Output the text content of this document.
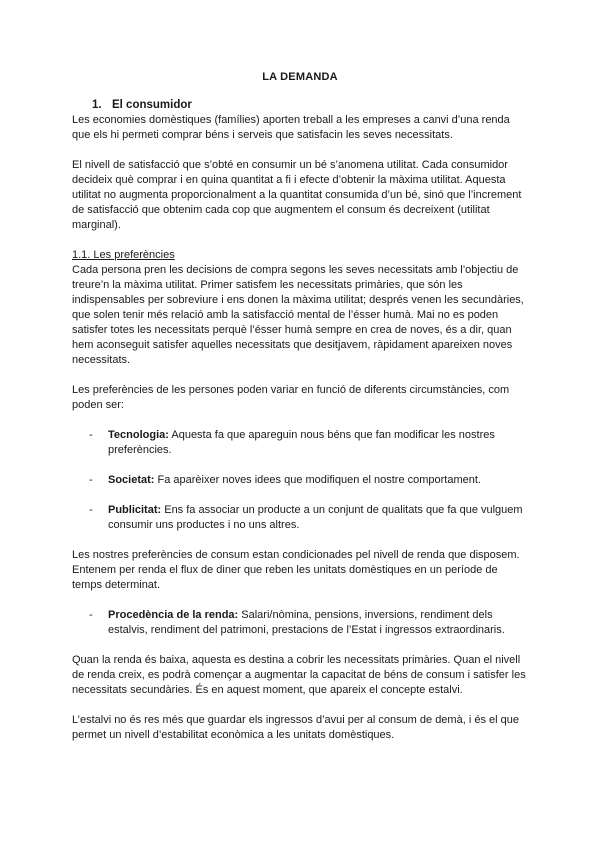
LA DEMANDA
1. El consumidor

Les economies domèstiques (famílies) aporten treball a les empreses a canvi d’una renda que els hi permeti comprar béns i serveis que satisfacin les seves necessitats.

El nivell de satisfacció que s’obté en consumir un bé s’anomena utilitat. Cada consumidor decideix què comprar i en quina quantitat a fi i efecte d’obtenir la màxima utilitat. Aquesta utilitat no augmenta proporcionalment a la quantitat consumida d’un bé, sinó que l’increment de satisfacció que obtenim cada cop que augmentem el consum és decreixent (utilitat marginal).

1.1. Les preferències

Cada persona pren les decisions de compra segons les seves necessitats amb l’objectiu de treure’n la màxima utilitat. Primer satisfem les necessitats primàries, que són les indispensables per sobreviure i ens donen la màxima utilitat; després venen les secundàries, que solen tenir més relació amb la satisfacció mental de l’ésser humà. Mai no es poden satisfer totes les necessitats perquè l’ésser humà sempre en crea de noves, és a dir, quan hem aconseguit satisfer aquelles necessitats que desitjavem, ràpidament apareixen noves necessitats.

Les preferències de les persones poden variar en funció de diferents circumstàncies, com poden ser:

- Tecnologia: Aquesta fa que apareguin nous béns que fan modificar les nostres preferències.
- Societat: Fa aparèixer noves idees que modifiquen el nostre comportament.
- Publicitat: Ens fa associar un producte a un conjunt de qualitats que fa que vulguem consumir uns productes i no uns altres.

Les nostres preferències de consum estan condicionades pel nivell de renda que disposem. Entenem per renda el flux de diner que reben les unitats domèstiques en un període de temps determinat.

- Procedència de la renda: Salari/nòmina, pensions, inversions, rendiment dels estalvis, rendiment del patrimoni, prestacions de l’Estat i ingressos extraordinaris.

Quan la renda és baixa, aquesta es destina a cobrir les necessitats primàries. Quan el nivell de renda creix, es podrà començar a augmentar la capacitat de béns de consum i satisfer les necessitats secundàries. És en aquest moment, que apareix el concepte estalvi.

L’estalvi no és res més que guardar els ingressos d’avui per al consum de demà, i és el que permet un nivell d’estabilitat econòmica a les unitats domèstiques.
